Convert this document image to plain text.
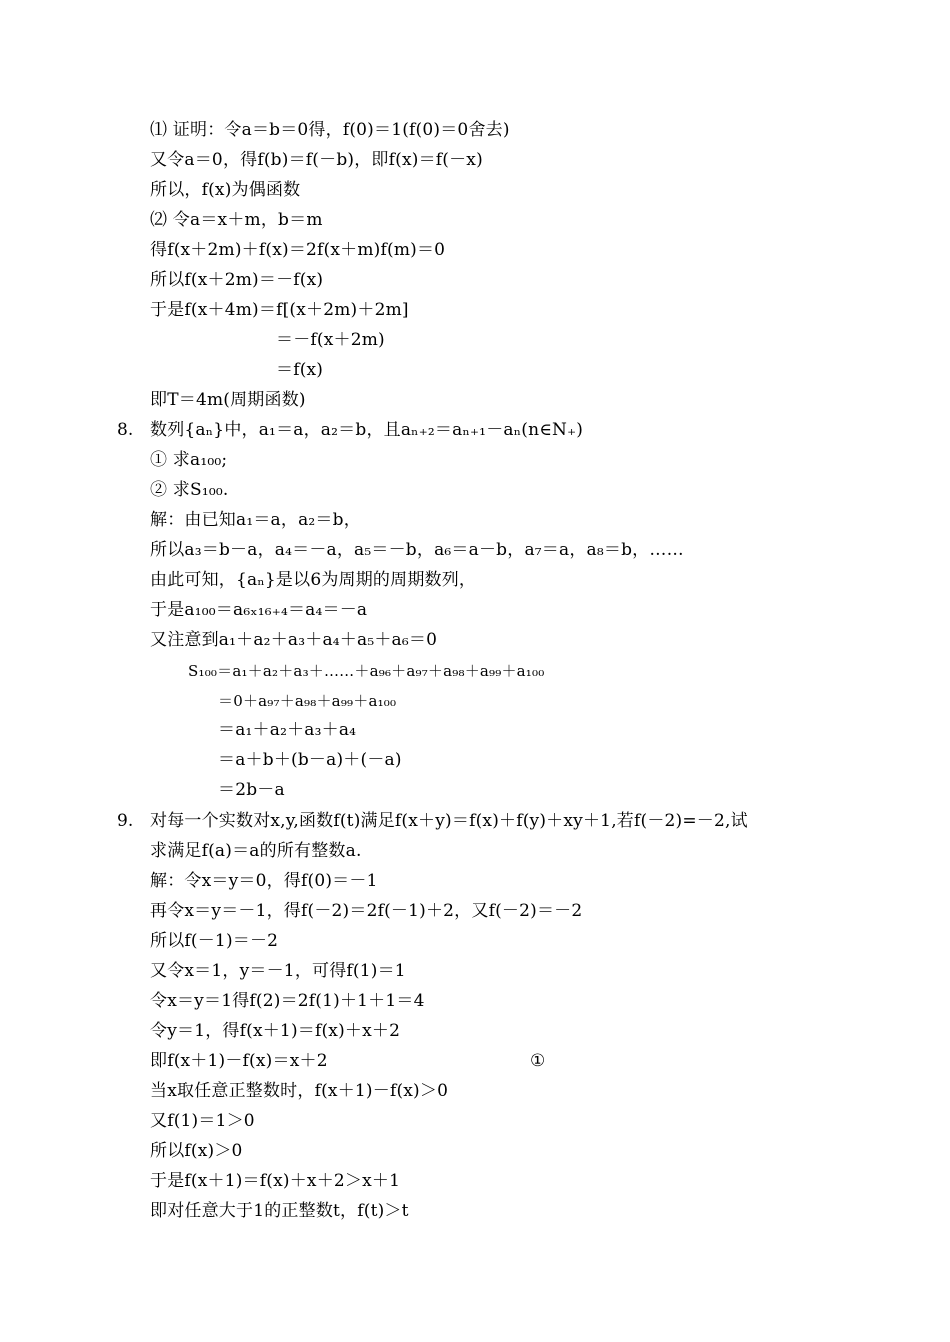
⑴ 证明：令a＝b＝0得，f(0)＝1(f(0)＝0舍去)
又令a＝0，得f(b)＝f(－b)，即f(x)＝f(－x)
所以，f(x)为偶函数
⑵ 令a＝x＋m，b＝m
得f(x＋2m)＋f(x)＝2f(x＋m)f(m)＝0
所以f(x＋2m)＝－f(x)
于是f(x＋4m)＝f[(x＋2m)＋2m]
＝－f(x＋2m)
＝f(x)
即T＝4m(周期函数)
8. 数列{aₙ}中，a₁＝a，a₂＝b，且aₙ₊₂＝aₙ₊₁－aₙ(n∈N₊)
① 求a₁₀₀;
② 求S₁₀₀.
解：由已知a₁＝a，a₂＝b，
所以a₃＝b－a，a₄＝－a，a₅＝－b，a₆＝a－b，a₇＝a，a₈＝b，……
由此可知，{aₙ}是以6为周期的周期数列，
于是a₁₀₀＝a₆ₓ₁₆₊₄＝a₄＝－a
又注意到a₁＋a₂＋a₃＋a₄＋a₅＋a₆＝0
S₁₀₀＝a₁＋a₂＋a₃＋……＋a₉₆＋a₉₇＋a₉₈＋a₉₉＋a₁₀₀
＝0＋a₉₇＋a₉₈＋a₉₉＋a₁₀₀
＝a₁＋a₂＋a₃＋a₄
＝a＋b＋(b－a)＋(－a)
＝2b－a
9. 对每一个实数对x,y,函数f(t)满足f(x＋y)＝f(x)＋f(y)＋xy＋1,若f(－2)=－2,试
求满足f(a)＝a的所有整数a.
解：令x＝y＝0，得f(0)＝－1
再令x＝y＝－1，得f(－2)＝2f(－1)＋2，又f(－2)＝－2
所以f(－1)＝－2
又令x＝1，y＝－1，可得f(1)＝1
令x＝y＝1得f(2)＝2f(1)＋1＋1＝4
令y＝1，得f(x＋1)＝f(x)＋x＋2
即f(x＋1)－f(x)＝x＋2	①
当x取任意正整数时，f(x＋1)－f(x)＞0
又f(1)＝1＞0
所以f(x)＞0
于是f(x＋1)＝f(x)＋x＋2＞x＋1
即对任意大于1的正整数t，f(t)＞t
